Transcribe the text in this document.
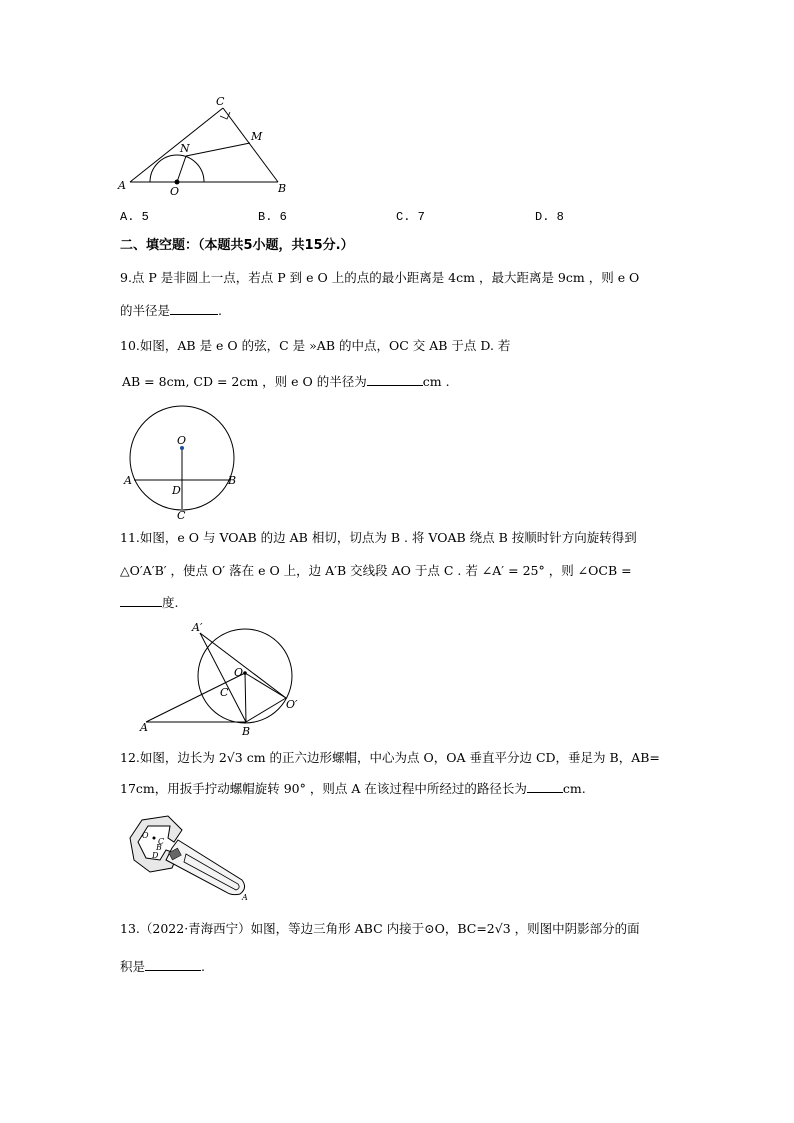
C
M
N
A	O	B
A. 5	B. 6	C. 7	D. 8
二、填空题：（本题共5小题，共15分.）
9.点 P 是非圆上一点，若点 P 到 e O 上的点的最小距离是 4cm ，最大距离是 9cm ，则 e O
的半径是	.
10.如图，AB 是 e O 的弦，C 是 »AB 的中点，OC 交 AB 于点 D. 若
AB = 8cm, CD = 2cm ，则 e O 的半径为	cm .
O
A	B
D
C
11.如图，e O 与 VOAB 的边 AB 相切，切点为 B . 将 VOAB 绕点 B 按顺时针方向旋转得到
△O′A′B′ ，使点 O′ 落在 e O 上，边 A′B 交线段 AO 于点 C . 若 ∠A′ = 25° ，则 ∠OCB =
度.
A′
O
C
A	B
O′
12.如图，边长为 2√3 cm 的正六边形螺帽，中心为点 O，OA 垂直平分边 CD，垂足为 B，AB=
17cm，用扳手拧动螺帽旋转 90° ，则点 A 在该过程中所经过的路径长为	cm.
O
B
C
D
A
13.（2022·青海西宁）如图，等边三角形 ABC 内接于⊙O，BC=2√3 ，则图中阴影部分的面
积是	.
